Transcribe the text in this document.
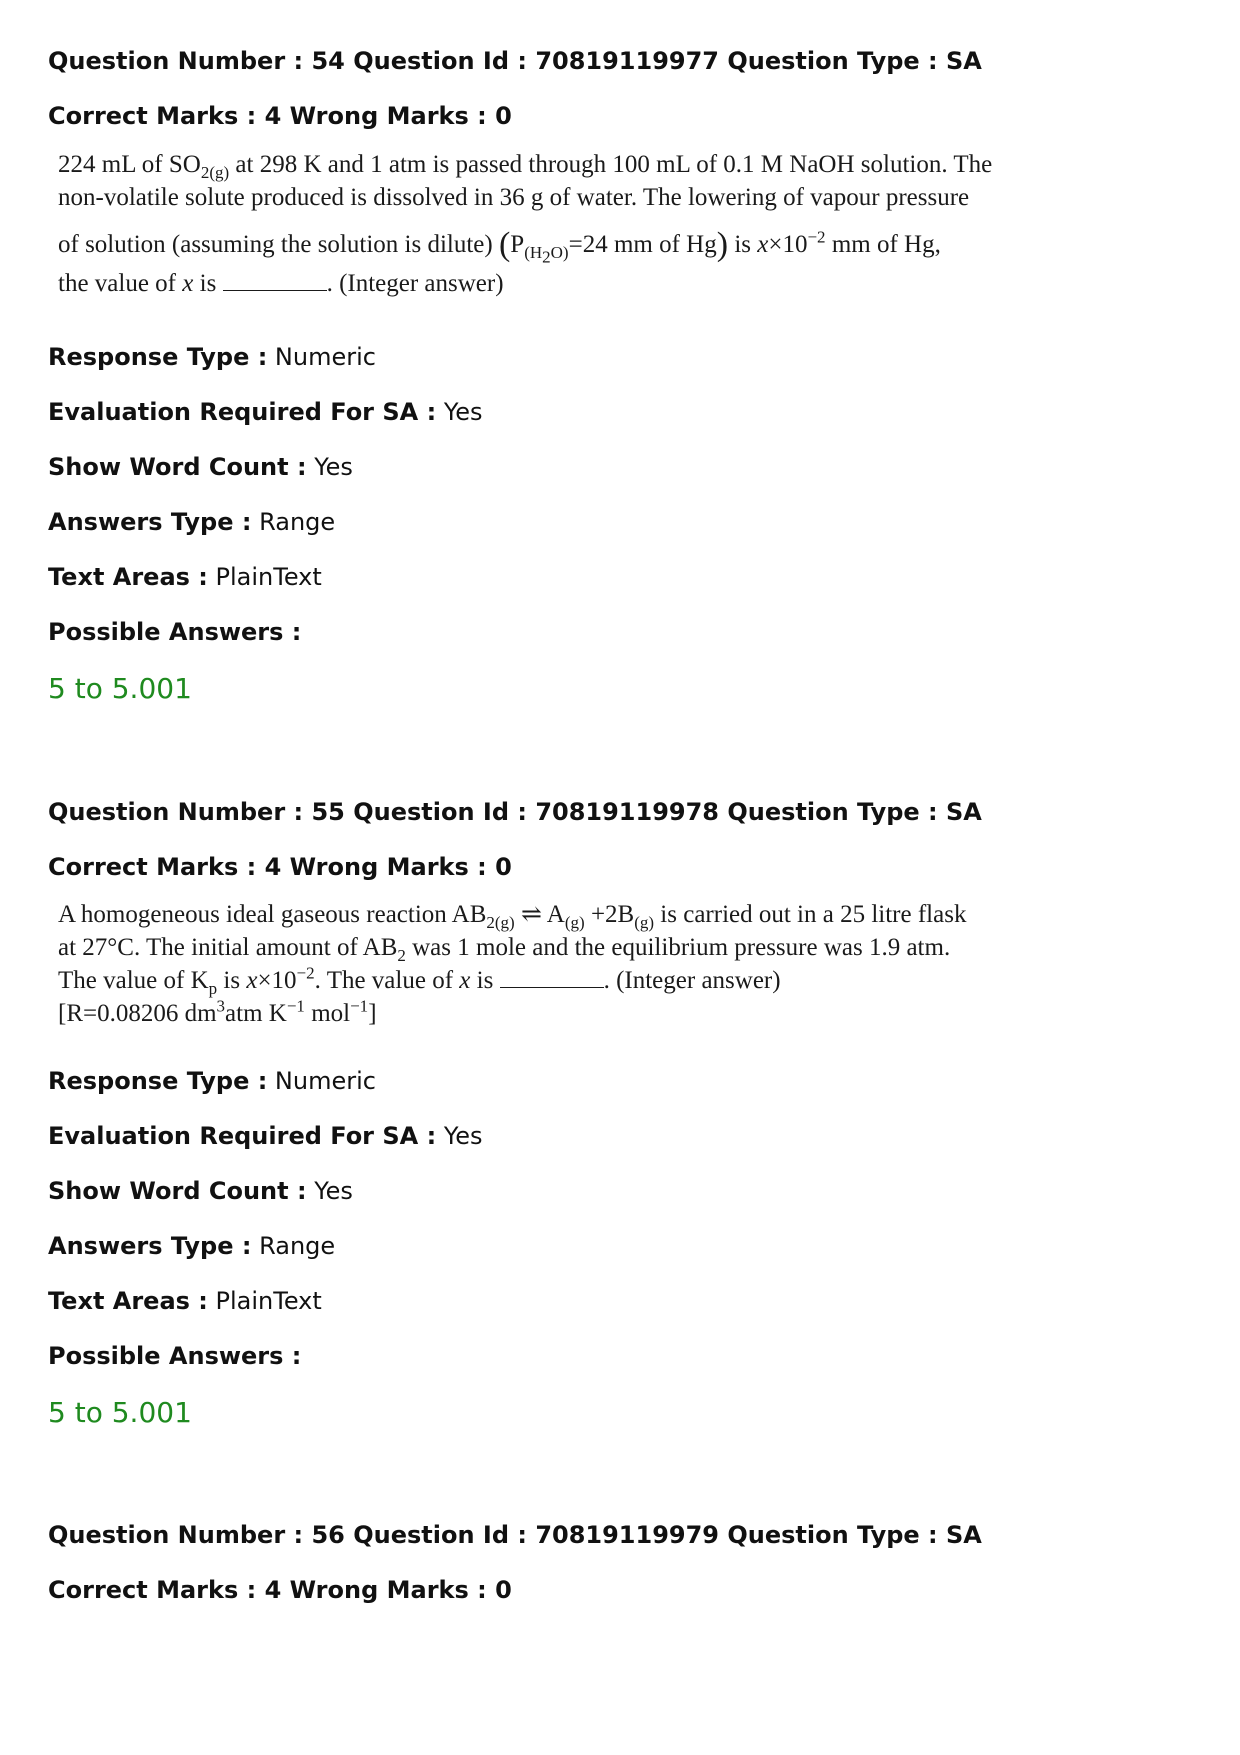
Question Number : 54 Question Id : 70819119977 Question Type : SA
Correct Marks : 4 Wrong Marks : 0
224 mL of $SO_{2(g)}$ at 298 K and 1 atm is passed through 100 mL of 0.1 M NaOH solution. The
non-volatile solute produced is dissolved in 36 g of water. The lowering of vapour pressure
of solution (assuming the solution is dilute) ($P_{(H_2O)}=24$ mm of Hg) is $x\times 10^{-2}$ mm of Hg,
the value of x is	. (Integer answer)
Response Type : Numeric
Evaluation Required For SA : Yes
Show Word Count : Yes
Answers Type : Range
Text Areas : PlainText
Possible Answers :
5 to 5.001
Question Number : 55 Question Id : 70819119978 Question Type : SA
Correct Marks : 4 Wrong Marks : 0
A homogeneous ideal gaseous reaction $AB_{2(g)}$ ⇌ $A_{(g)} +2B_{(g)}$ is carried out in a 25 litre flask
at 27°C. The initial amount of $AB_2$ was 1 mole and the equilibrium pressure was 1.9 atm.
The value of $K_p$ is $x\times 10^{-2}$. The value of x is	. (Integer answer)
[R=0.08206 $dm^3atm$ $K^{-1}$ mol$^{-1}$]
Response Type : Numeric
Evaluation Required For SA : Yes
Show Word Count : Yes
Answers Type : Range
Text Areas : PlainText
Possible Answers :
5 to 5.001
Question Number : 56 Question Id : 70819119979 Question Type : SA
Correct Marks : 4 Wrong Marks : 0
